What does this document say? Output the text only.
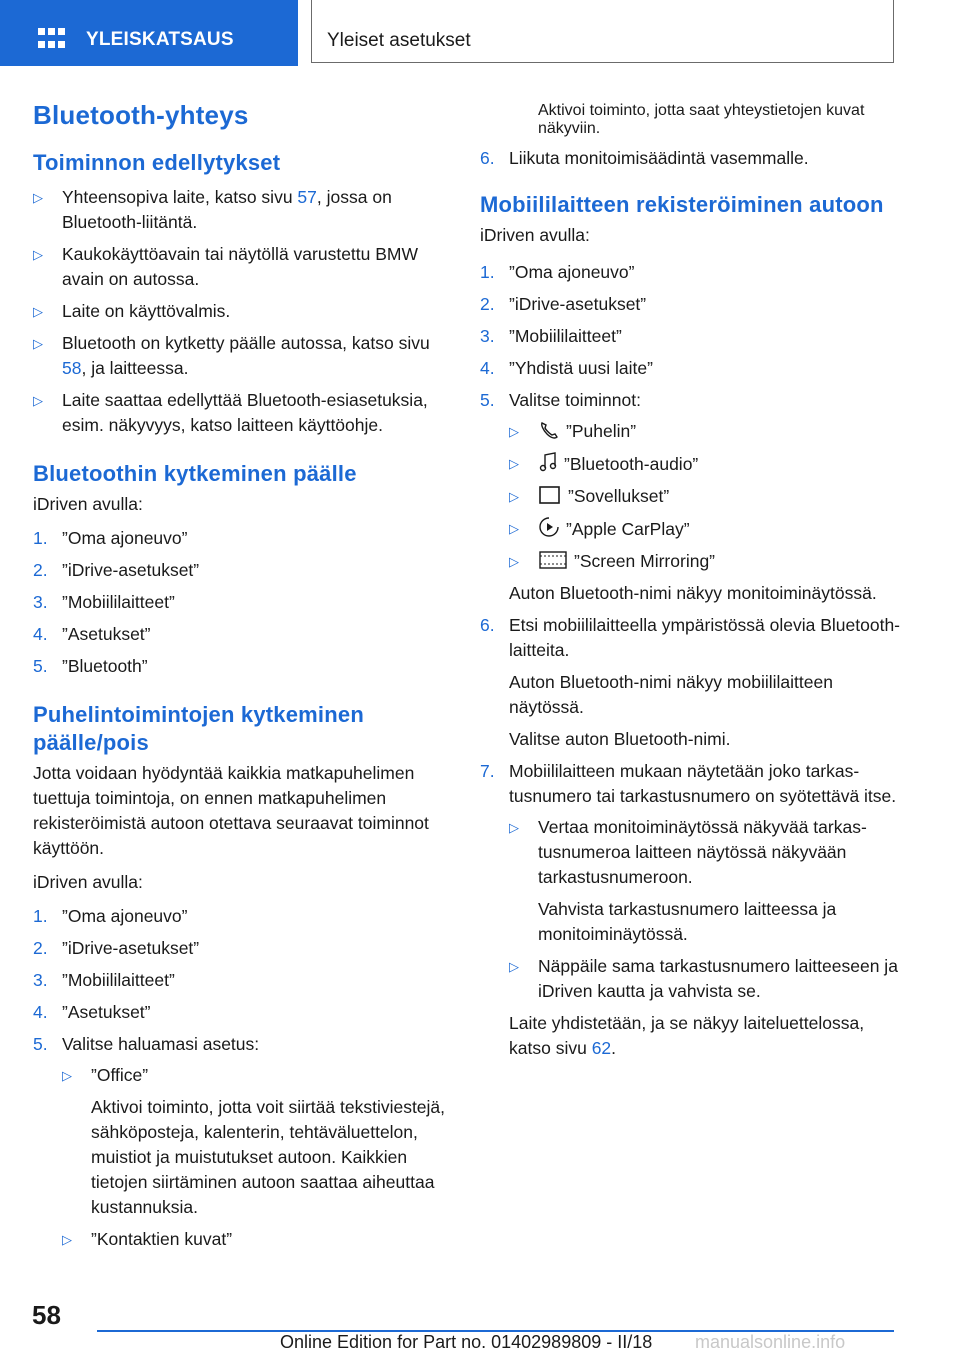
YLEISKATSAUS	Yleiset asetukset
Bluetooth-yhteys
Toiminnon edellytykset
▷ Yhteensopiva laite, katso sivu 57, jossa on Bluetooth-liitäntä.
▷ Kaukokäyttöavain tai näytöllä varustettu BMW avain on autossa.
▷ Laite on käyttövalmis.
▷ Bluetooth on kytketty päälle autossa, katso sivu 58, ja laitteessa.
▷ Laite saattaa edellyttää Bluetooth-esiasetuksia, esim. näkyvyys, katso laitteen käyttöohje.
Bluetoothin kytkeminen päälle

iDriven avulla:

1. ”Oma ajoneuvo”
2. ”iDrive-asetukset”
3. ”Mobiililaitteet”
4. ”Asetukset”
5. ”Bluetooth”
Puhelintoimintojen kytkeminen päälle/pois

Jotta voidaan hyödyntää kaikkia matkapuhelimen tuettuja toimintoja, on ennen matkapuhelimen rekisteröimistä autoon otettava seuraavat toiminnot käyttöön.

iDriven avulla:

1. ”Oma ajoneuvo”
2. ”iDrive-asetukset”
3. ”Mobiililaitteet”
4. ”Asetukset”
5. Valitse haluamasi asetus:
▷ ”Office”
Aktivoi toiminto, jotta voit siirtää tekstiviestejä, sähköposteja, kalenterin, tehtäväluettelon, muistiot ja muistutukset autoon. Kaikkien tietojen siirtäminen autoon saattaa aiheuttaa kustannuksia.
▷ ”Kontaktien kuvat”
Aktivoi toiminto, jotta saat yhteystietojen kuvat näkyviin.
6. Liikuta monitoimisäädintä vasemmalle.
Mobiililaitteen rekisteröiminen autoon

iDriven avulla:

1. ”Oma ajoneuvo”
2. ”iDrive-asetukset”
3. ”Mobiililaitteet”
4. ”Yhdistä uusi laite”
5. Valitse toiminnot:
▷	”Puhelin”
▷	”Bluetooth-audio”
▷	”Sovellukset”
▷	”Apple CarPlay”
▷	”Screen Mirroring”
Auton Bluetooth-nimi näkyy monitoiminäytössä.
6. Etsi mobiililaitteella ympäristössä olevia Bluetooth-laitteita.
Auton Bluetooth-nimi näkyy mobiililaitteen näytössä.
Valitse auton Bluetooth-nimi.
7. Mobiililaitteen mukaan näytetään joko tarkastusnumero tai tarkastusnumero on syötettävä itse.
▷ Vertaa monitoiminäytössä näkyvää tarkastusnumeroa laitteen näytössä näkyvään tarkastusnumeroon.
Vahvista tarkastusnumero laitteessa ja monitoiminäytössä.
▷ Näppäile sama tarkastusnumero laitteeseen ja iDriven kautta ja vahvista se.
Laite yhdistetään, ja se näkyy laiteluettelossa, katso sivu 62.
58
Online Edition for Part no. 01402989809 - II/18 manualsonline.info
